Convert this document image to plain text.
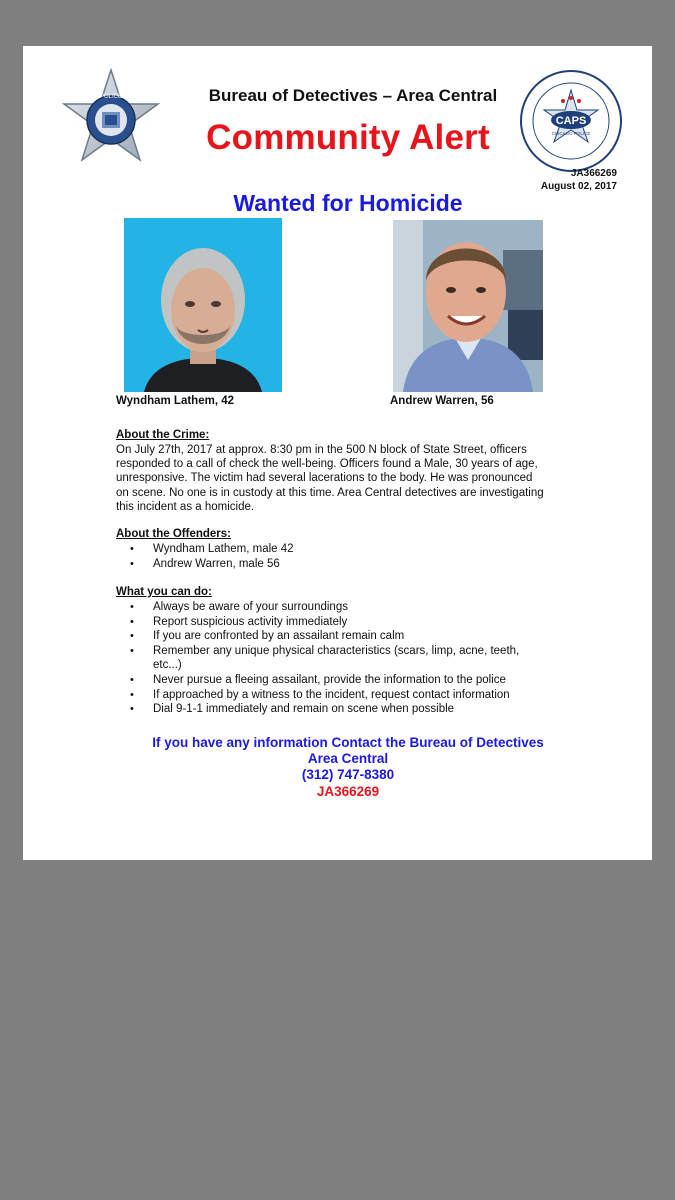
POLICE	Bureau of Detectives – Area Central
Community Alert	CAPS
CHICAGO POLICE
JA366269
August 02, 2017
Wanted for Homicide
Wyndham Lathem, 42	Andrew Warren, 56
About the Crime:
On July 27th, 2017 at approx. 8:30 pm in the 500 N block of State Street, officers
responded to a call of check the well-being. Officers found a Male, 30 years of age,
unresponsive. The victim had several lacerations to the body. He was pronounced
on scene. No one is in custody at this time. Area Central detectives are investigating
this incident as a homicide.
About the Offenders:
• Wyndham Lathem, male 42
• Andrew Warren, male 56
What you can do:
• Always be aware of your surroundings
• Report suspicious activity immediately
• If you are confronted by an assailant remain calm
• Remember any unique physical characteristics (scars, limp, acne, teeth,
etc...)
• Never pursue a fleeing assailant, provide the information to the police
• If approached by a witness to the incident, request contact information
• Dial 9-1-1 immediately and remain on scene when possible
If you have any information Contact the Bureau of Detectives
Area Central
(312) 747-8380
JA366269
